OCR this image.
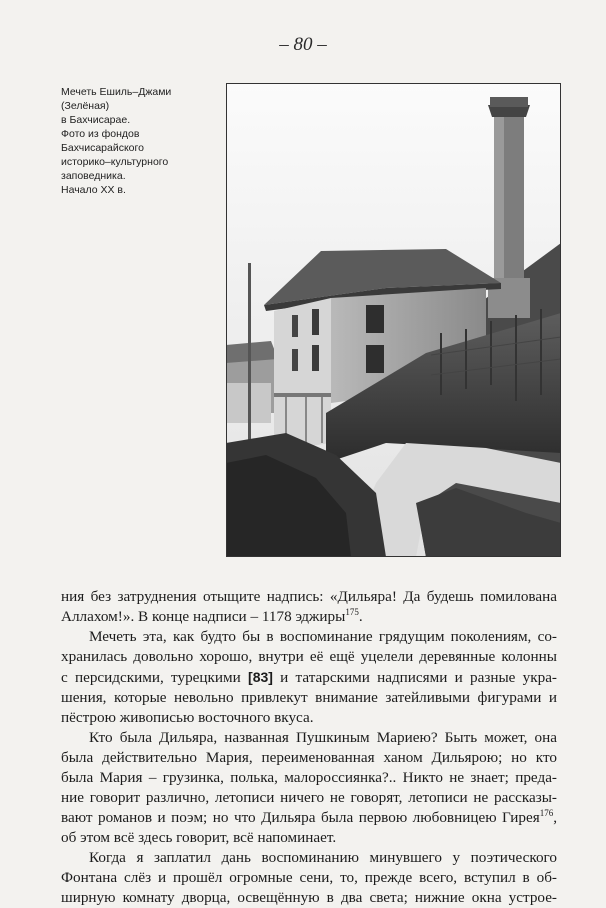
– 80 –
Мечеть Ешиль–Джами
(Зелёная)
в Бахчисарае.
Фото из фондов
Бахчисарайского
историко–культурного
заповедника.
Начало XX в.

ния без затруднения отыщите надпись: «Дильяра! Да будешь помилована
Аллахом!». В конце надписи – 1178 эджиры$^{175}$.

Мечеть эта, как будто бы в воспоминание грядущим поколениям, со-
хранилась довольно хорошо, внутри её ещё уцелели деревянные колонны
с персидскими, турецкими [83] и татарскими надписями и разные укра-
шения, которые невольно привлекут внимание затейливыми фигурами и
пёстрою живописью восточного вкуса.

Кто была Дильяра, названная Пушкиным Мариею? Быть может, она
была действительно Мария, переименованная ханом Дильярою; но кто
была Мария – грузинка, полька, малороссиянка?.. Никто не знает; преда-
ние говорит различно, летописи ничего не говорят, летописи не рассказы-
вают романов и поэм; но что Дильяра была первою любовницею Гирея$^{176}$,
об этом всё здесь говорит, всё напоминает.

Когда я заплатил дань воспоминанию минувшего у поэтического
Фонтана слёз и прошёл огромные сени, то, прежде всего, вступил в об-
ширную комнату дворца, освещённую в два света; нижние окна устрое-
